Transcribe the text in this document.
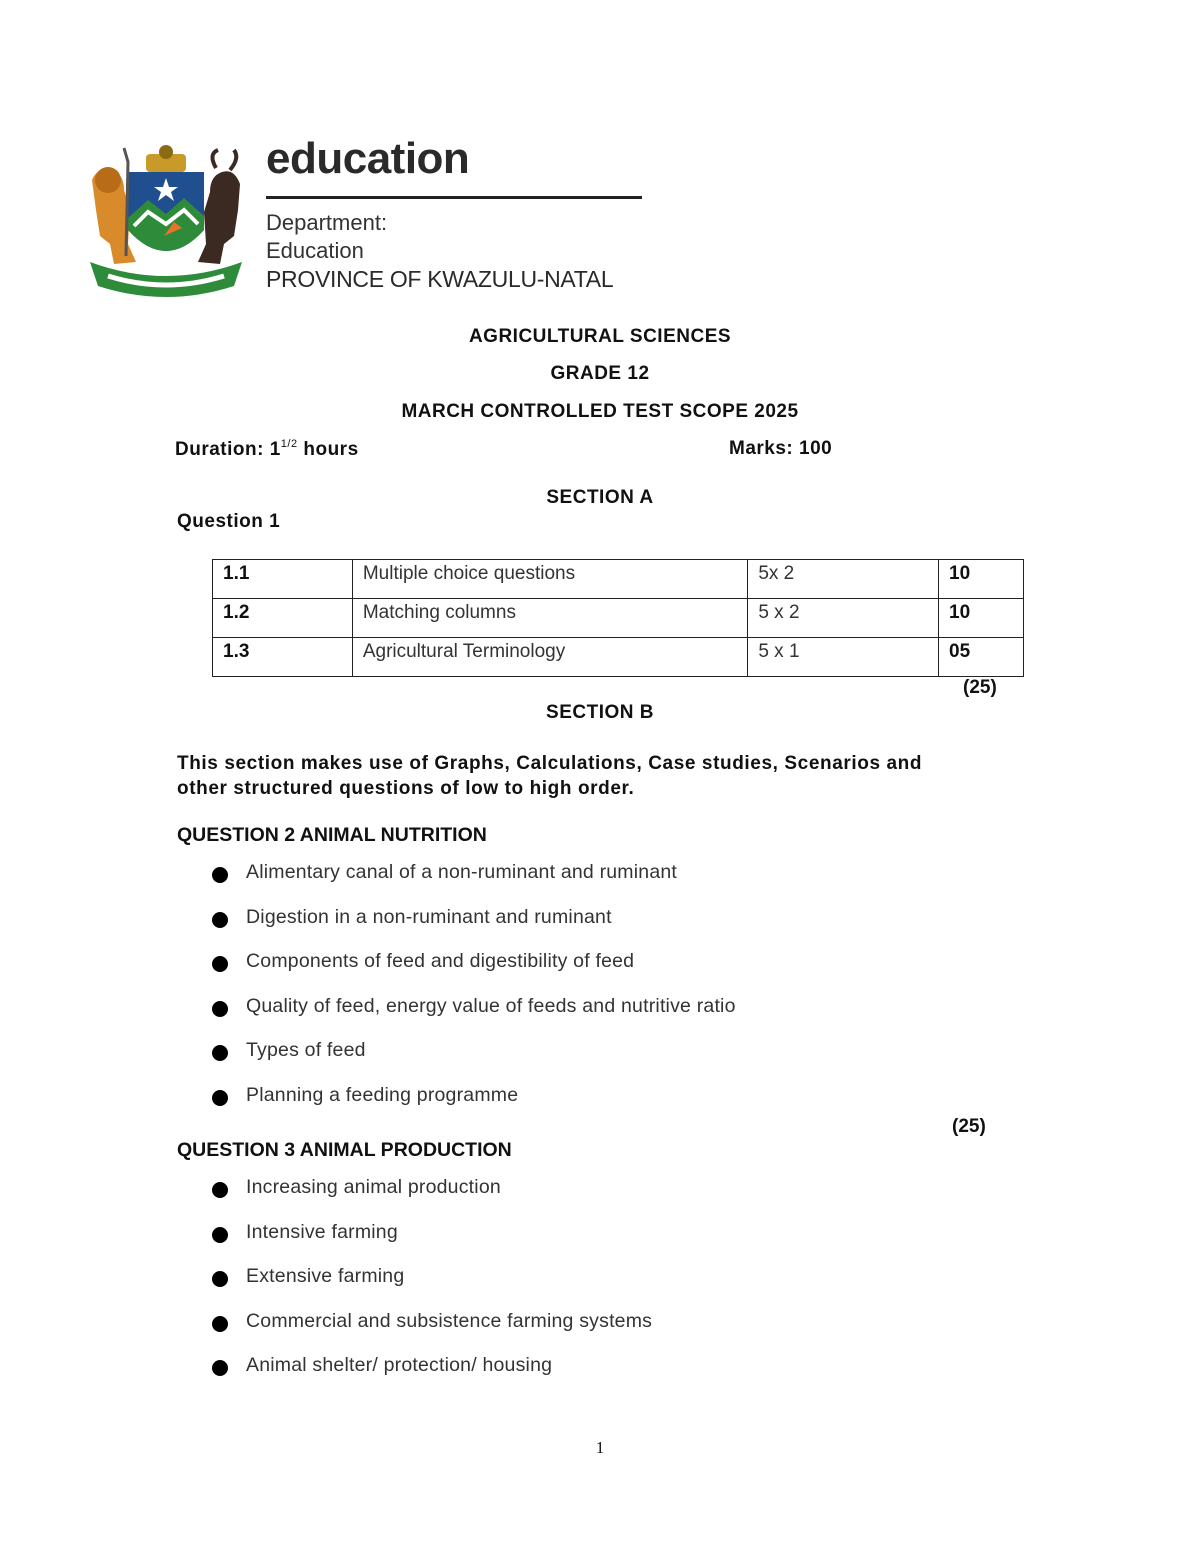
education
Department:
Education
PROVINCE OF KWAZULU-NATAL
AGRICULTURAL SCIENCES
GRADE 12
MARCH CONTROLLED TEST SCOPE 2025
Duration: $1^{1/2}$ hours	Marks: 100
SECTION A
Question 1
1.1	Multiple choice questions	5x 2	10
1.2	Matching columns	5 x 2	10
1.3	Agricultural Terminology	5 x 1	05
(25)
SECTION B
This section makes use of Graphs, Calculations, Case studies, Scenarios and
other structured questions of low to high order.
QUESTION 2 ANIMAL NUTRITION
Alimentary canal of a non-ruminant and ruminant
Digestion in a non-ruminant and ruminant
Components of feed and digestibility of feed
Quality of feed, energy value of feeds and nutritive ratio
Types of feed
Planning a feeding programme
(25)
QUESTION 3 ANIMAL PRODUCTION
Increasing animal production
Intensive farming
Extensive farming
Commercial and subsistence farming systems
Animal shelter/ protection/ housing
1
